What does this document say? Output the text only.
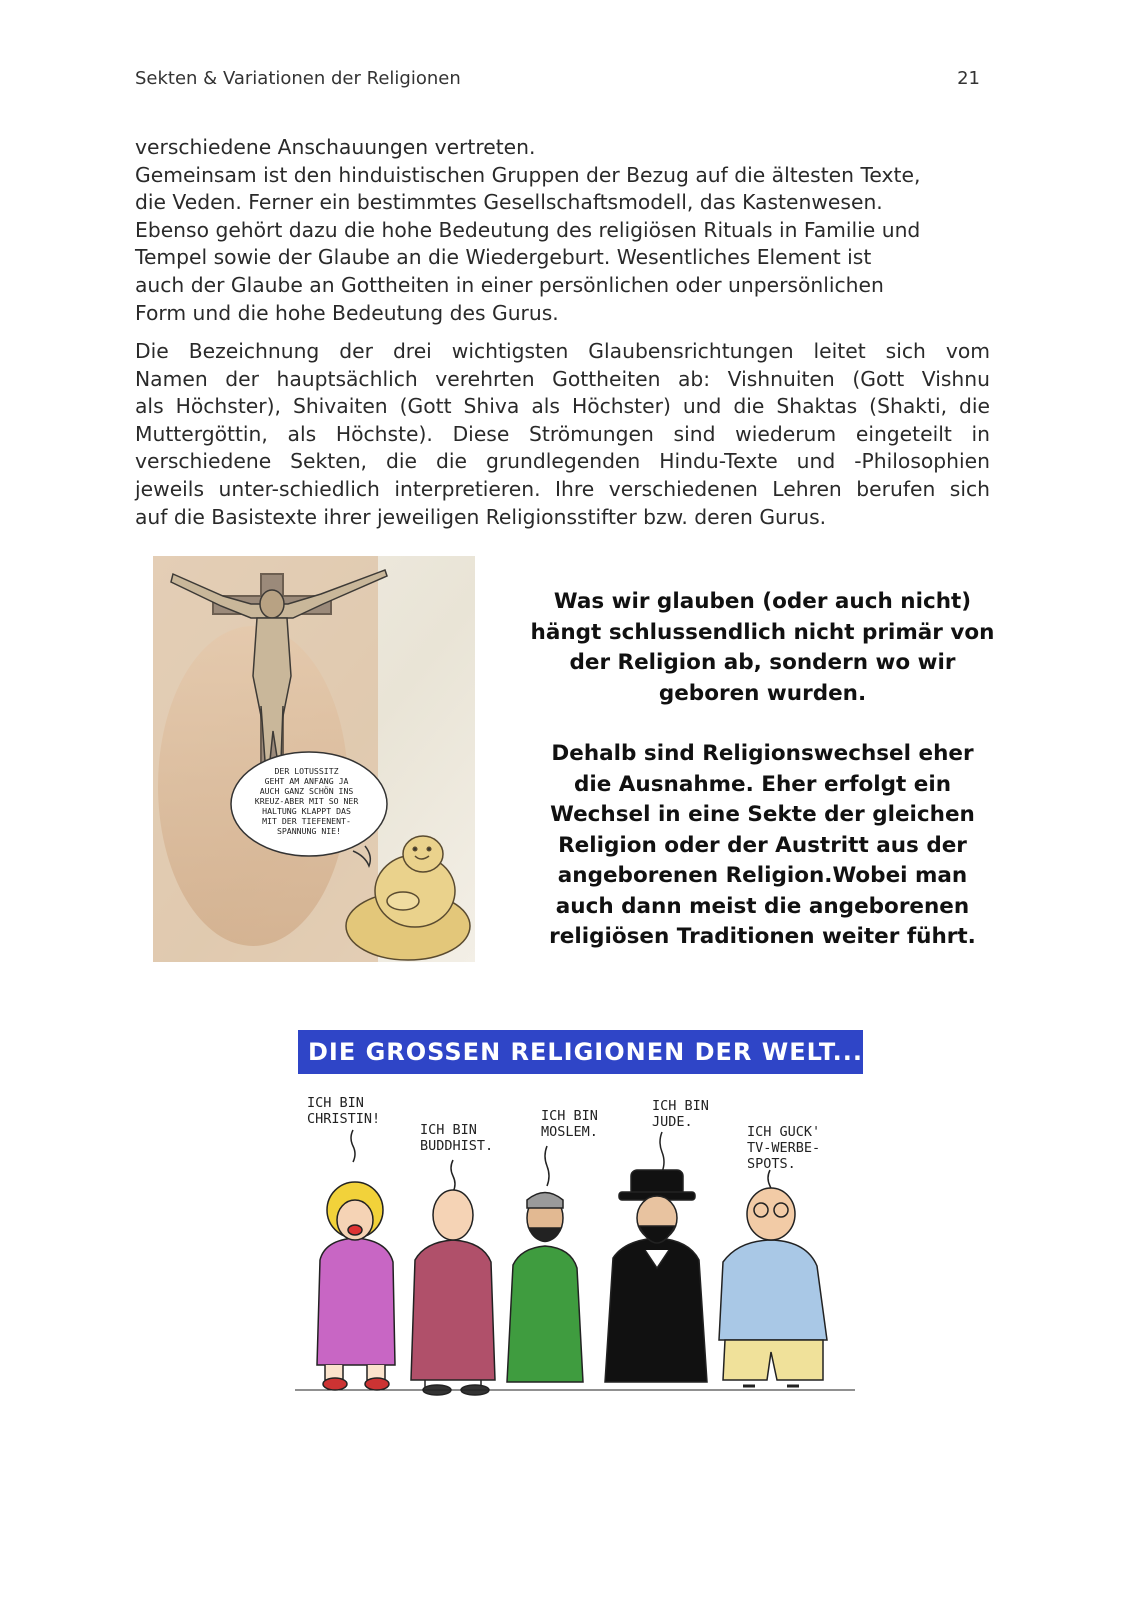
Sekten & Variationen der Religionen	21
verschiedene Anschauungen vertreten.
Gemeinsam ist den hinduistischen Gruppen der Bezug auf die ältesten Texte,
die Veden. Ferner ein bestimmtes Gesellschaftsmodell, das Kastenwesen.
Ebenso gehört dazu die hohe Bedeutung des religiösen Rituals in Familie und
Tempel sowie der Glaube an die Wiedergeburt. Wesentliches Element ist
auch der Glaube an Gottheiten in einer persönlichen oder unpersönlichen
Form und die hohe Bedeutung des Gurus.
Die Bezeichnung der drei wichtigsten Glaubensrichtungen leitet sich vom
Namen der hauptsächlich verehrten Gottheiten ab: Vishnuiten (Gott Vishnu
als Höchster), Shivaiten (Gott Shiva als Höchster) und die Shaktas (Shakti, die
Muttergöttin, als Höchste). Diese Strömungen sind wiederum eingeteilt in
verschiedene Sekten, die die grundlegenden Hindu-Texte und -Philosophien
jeweils unter-schiedlich interpretieren. Ihre verschiedenen Lehren berufen sich
auf die Basistexte ihrer jeweiligen Religionsstifter bzw. deren Gurus.
DER LOTUSSITZ GEHT AM ANFANG JA AUCH GANZ SCHÖN INS KREUZ-ABER MIT SO NER HALTUNG KLAPPT DAS MIT DER TIEFENENT- SPANNUNG NIE!
Was wir glauben (oder auch nicht)
hängt schlussendlich nicht primär von
der Religion ab, sondern wo wir
geboren wurden.
Dehalb sind Religionswechsel eher
die Ausnahme. Eher erfolgt ein
Wechsel in eine Sekte der gleichen
Religion oder der Austritt aus der
angeborenen Religion.Wobei man
auch dann meist die angeborenen
religiösen Traditionen weiter führt.
DIE GROSSEN RELIGIONEN DER WELT...
ICH BIN
CHRISTIN!
ICH BIN
BUDDHIST.
ICH BIN
MOSLEM.
ICH BIN
JUDE.
ICH GUCK'
TV-WERBE-
SPOTS.
